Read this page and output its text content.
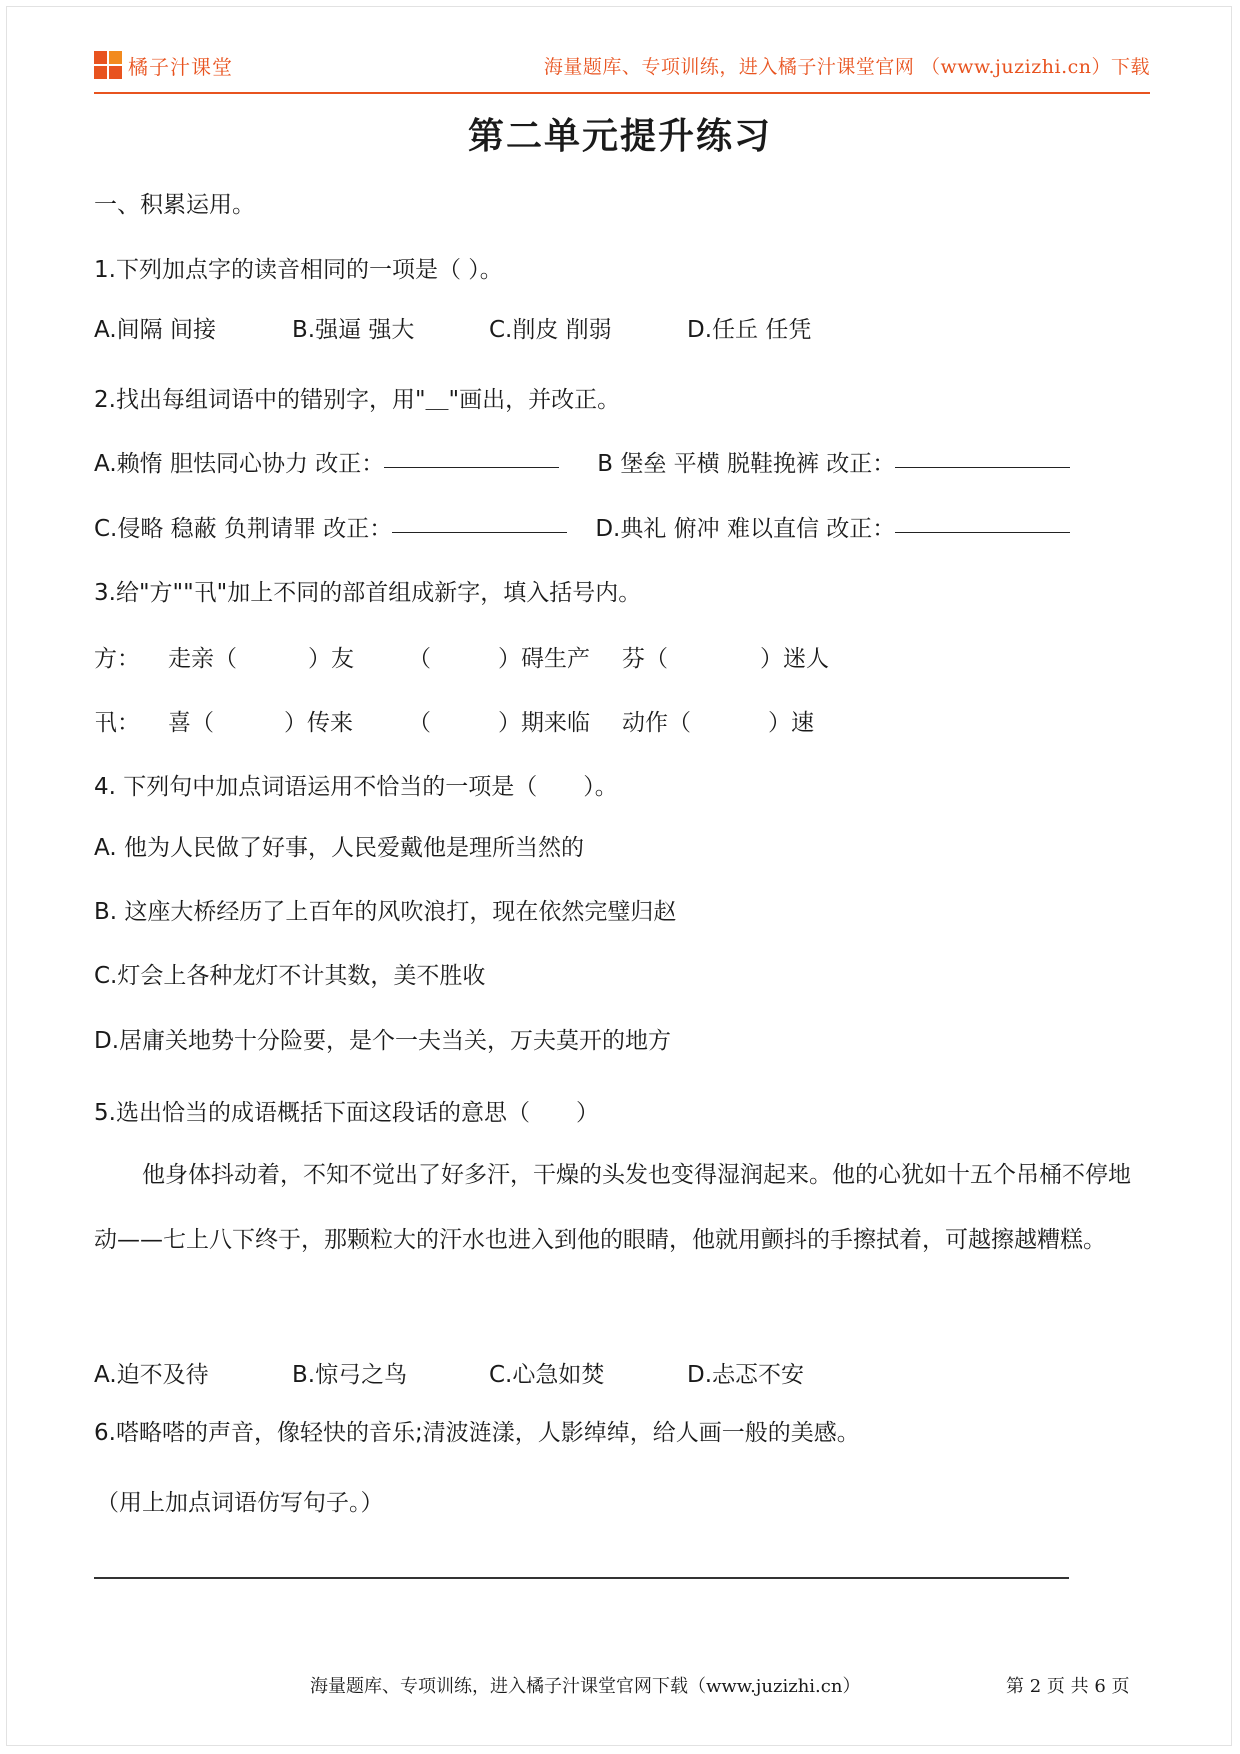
橘子汁课堂	海量题库、专项训练，进入橘子汁课堂官网 （www.juzizhi.cn）下载
第二单元提升练习
一、积累运用。
1.下列加点字的读音相同的一项是（ ）。
A.间隔 间接	B.强逼 强大	C.削皮 削弱	D.任丘 任凭
2.找出每组词语中的错别字，用"＿"画出，并改正。
A.赖惰 胆怯同心协力 改正：	B 堡垒 平横 脱鞋挽裤 改正：
C.侵略 稳蔽 负荆请罪 改正：	D.典礼 俯冲 难以直信 改正：
3.给"方""卂"加上不同的部首组成新字，填入括号内。
方：	走亲（	）友	（	）碍生产	芬（	）迷人
卂：	喜（	）传来	（	）期来临	动作（	）速
4. 下列句中加点词语运用不恰当的一项是（　　）。
A. 他为人民做了好事，人民爱戴他是理所当然的
B. 这座大桥经历了上百年的风吹浪打，现在依然完璧归赵
C.灯会上各种龙灯不计其数，美不胜收
D.居庸关地势十分险要，是个一夫当关，万夫莫开的地方
5.选出恰当的成语概括下面这段话的意思（　　）
他身体抖动着，不知不觉出了好多汗，干燥的头发也变得湿润起来。他的心犹如十五个吊桶不停地动——七上八下终于，那颗粒大的汗水也进入到他的眼睛，他就用颤抖的手擦拭着，可越擦越糟糕。
A.迫不及待	B.惊弓之鸟	C.心急如焚	D.忐忑不安
6.嗒略嗒的声音，像轻快的音乐;清波涟漾，人影绰绰，给人画一般的美感。
（用上加点词语仿写句子。）
海量题库、专项训练，进入橘子汁课堂官网下载（www.juzizhi.cn）	第 2 页 共 6 页
